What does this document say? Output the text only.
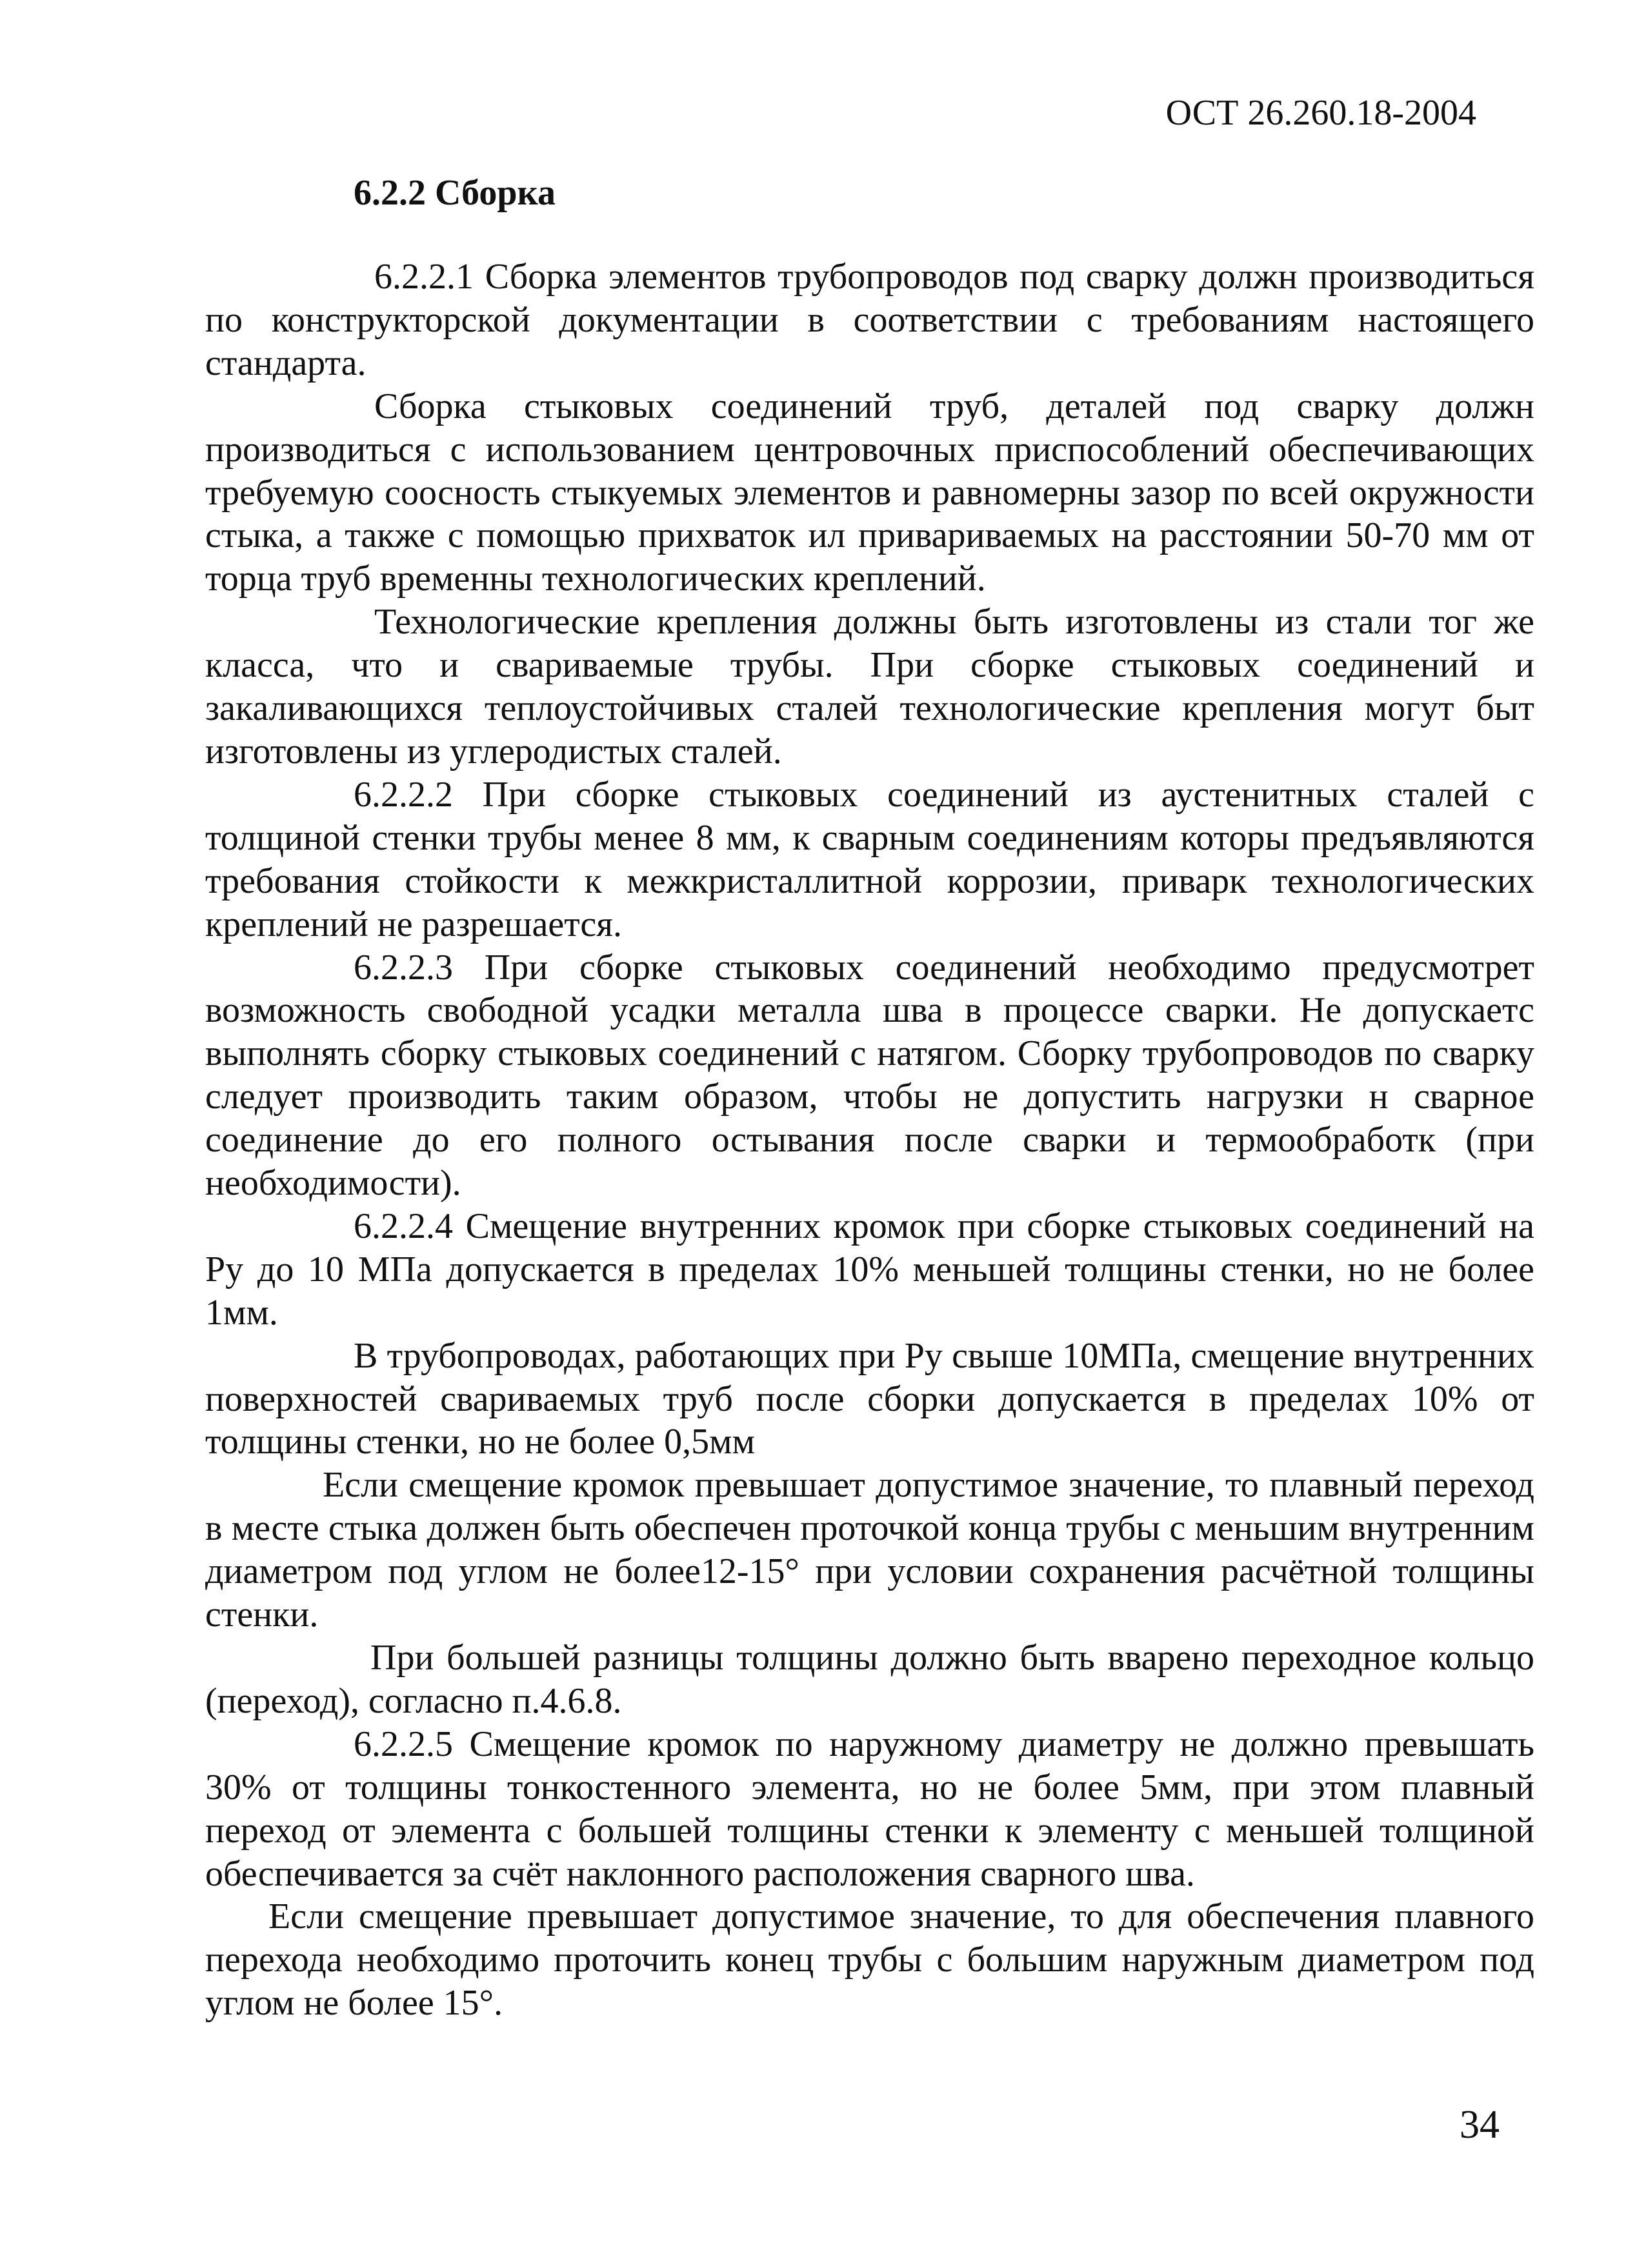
ОСТ 26.260.18-2004
6.2.2 Сборка

6.2.2.1 Сборка элементов трубопроводов под сварку должн производиться по конструкторской документации в соответствии с требованиям настоящего стандарта.

Сборка стыковых соединений труб, деталей под сварку должн производиться с использованием центровочных приспособлений обеспечивающих требуемую соосность стыкуемых элементов и равномерны зазор по всей окружности стыка, а также с помощью прихваток ил привариваемых на расстоянии 50-70 мм от торца труб временны технологических креплений.

Технологические крепления должны быть изготовлены из стали тог же класса, что и свариваемые трубы. При сборке стыковых соединений и закаливающихся теплоустойчивых сталей технологические крепления могут быт изготовлены из углеродистых сталей.

6.2.2.2 При сборке стыковых соединений из аустенитных сталей с толщиной стенки трубы менее 8 мм, к сварным соединениям которы предъявляются требования стойкости к межкристаллитной коррозии, приварк технологических креплений не разрешается.

6.2.2.3 При сборке стыковых соединений необходимо предусмотрет возможность свободной усадки металла шва в процессе сварки. Не допускаетс выполнять сборку стыковых соединений с натягом. Сборку трубопроводов по сварку следует производить таким образом, чтобы не допустить нагрузки н сварное соединение до его полного остывания после сварки и термообработк (при необходимости).

6.2.2.4 Смещение внутренних кромок при сборке стыковых соединений на Ру до 10 МПа допускается в пределах 10% меньшей толщины стенки, но не более 1мм.

В трубопроводах, работающих при Ру свыше 10МПа, смещение внутренних поверхностей свариваемых труб после сборки допускается в пределах 10% от толщины стенки, но не более 0,5мм

Если смещение кромок превышает допустимое значение, то плавный переход в месте стыка должен быть обеспечен проточкой конца трубы с меньшим внутренним диаметром под углом не более12-15° при условии сохранения расчётной толщины стенки.

При большей разницы толщины должно быть вварено переходное кольцо (переход), согласно п.4.6.8.

6.2.2.5 Смещение кромок по наружному диаметру не должно превышать 30% от толщины тонкостенного элемента, но не более 5мм, при этом плавный переход от элемента с большей толщины стенки к элементу с меньшей толщиной обеспечивается за счёт наклонного расположения сварного шва.

Если смещение превышает допустимое значение, то для обеспечения плавного перехода необходимо проточить конец трубы с большим наружным диаметром под углом не более 15°.

34
